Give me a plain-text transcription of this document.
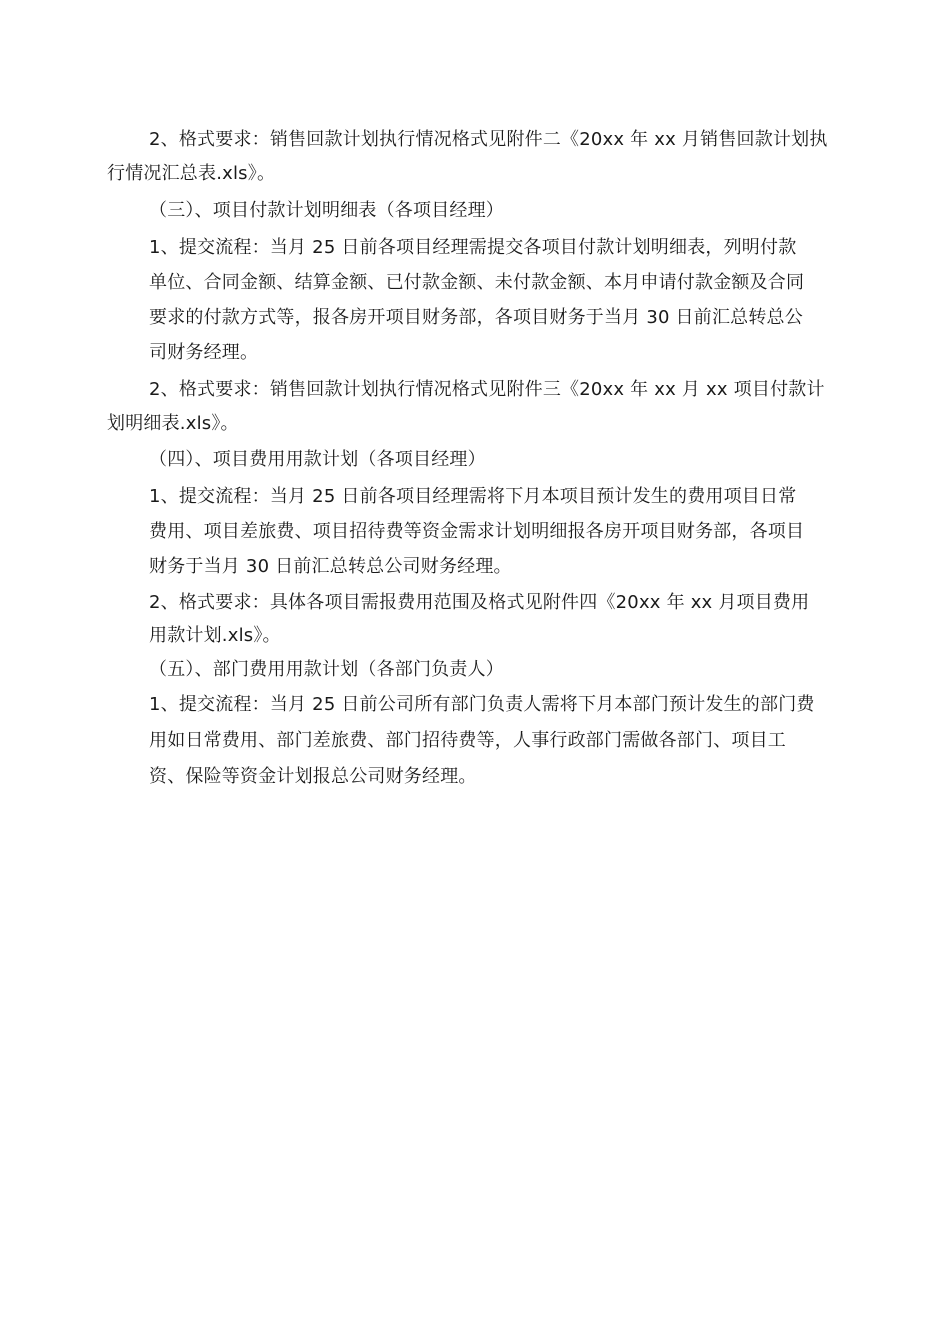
2、格式要求：销售回款计划执行情况格式见附件二《20xx 年 xx 月销售回款计划执
行情况汇总表.xls》。
（三）、项目付款计划明细表（各项目经理）
1、提交流程：当月 25 日前各项目经理需提交各项目付款计划明细表，列明付款
单位、合同金额、结算金额、已付款金额、未付款金额、本月申请付款金额及合同
要求的付款方式等，报各房开项目财务部，各项目财务于当月 30 日前汇总转总公
司财务经理。
2、格式要求：销售回款计划执行情况格式见附件三《20xx 年 xx 月 xx 项目付款计
划明细表.xls》。
（四）、项目费用用款计划（各项目经理）
1、提交流程：当月 25 日前各项目经理需将下月本项目预计发生的费用项目日常
费用、项目差旅费、项目招待费等资金需求计划明细报各房开项目财务部，各项目
财务于当月 30 日前汇总转总公司财务经理。
2、格式要求：具体各项目需报费用范围及格式见附件四《20xx 年 xx 月项目费用
用款计划.xls》。
（五）、部门费用用款计划（各部门负责人）
1、提交流程：当月 25 日前公司所有部门负责人需将下月本部门预计发生的部门费
用如日常费用、部门差旅费、部门招待费等，人事行政部门需做各部门、项目工
资、保险等资金计划报总公司财务经理。
